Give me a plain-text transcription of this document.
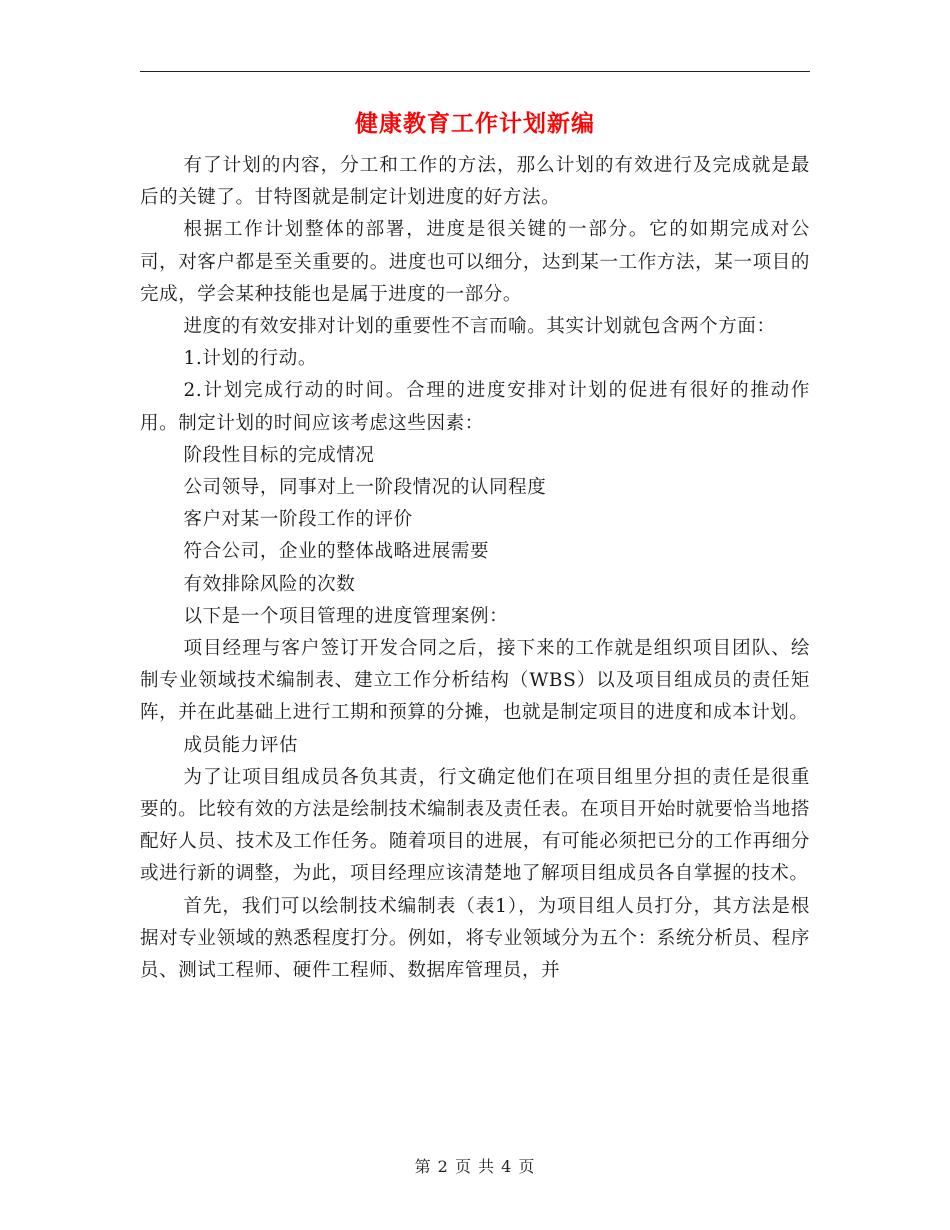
健康教育工作计划新编

有了计划的内容，分工和工作的方法，那么计划的有效进行及完成就是最后的关键了。甘特图就是制定计划进度的好方法。

根据工作计划整体的部署，进度是很关键的一部分。它的如期完成对公司，对客户都是至关重要的。进度也可以细分，达到某一工作方法，某一项目的完成，学会某种技能也是属于进度的一部分。

进度的有效安排对计划的重要性不言而喻。其实计划就包含两个方面：

1.计划的行动。

2.计划完成行动的时间。合理的进度安排对计划的促进有很好的推动作用。制定计划的时间应该考虑这些因素：

阶段性目标的完成情况

公司领导，同事对上一阶段情况的认同程度

客户对某一阶段工作的评价

符合公司，企业的整体战略进展需要

有效排除风险的次数

以下是一个项目管理的进度管理案例：

项目经理与客户签订开发合同之后，接下来的工作就是组织项目团队、绘制专业领域技术编制表、建立工作分析结构（WBS）以及项目组成员的责任矩阵，并在此基础上进行工期和预算的分摊，也就是制定项目的进度和成本计划。

成员能力评估

为了让项目组成员各负其责，行文确定他们在项目组里分担的责任是很重要的。比较有效的方法是绘制技术编制表及责任表。在项目开始时就要恰当地搭配好人员、技术及工作任务。随着项目的进展，有可能必须把已分的工作再细分或进行新的调整，为此，项目经理应该清楚地了解项目组成员各自掌握的技术。

首先，我们可以绘制技术编制表（表1），为项目组人员打分，其方法是根据对专业领域的熟悉程度打分。例如，将专业领域分为五个：系统分析员、程序员、测试工程师、硬件工程师、数据库管理员，并

第 2 页 共 4 页
